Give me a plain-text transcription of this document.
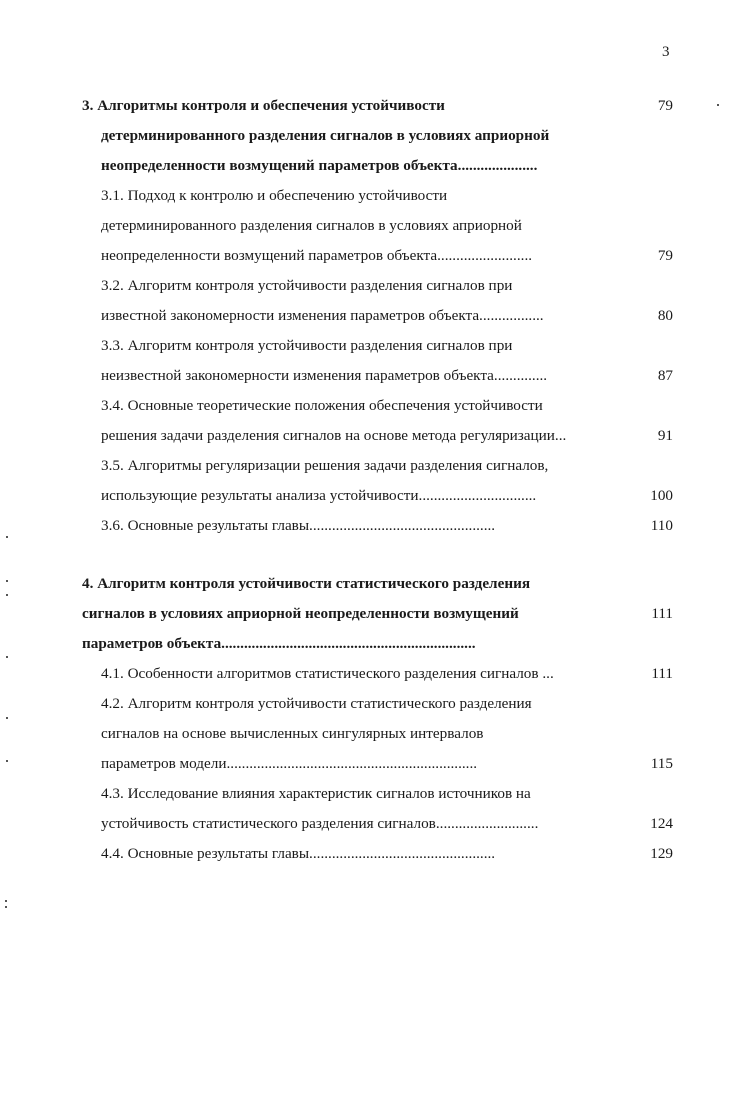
3
3. Алгоритмы контроля и обеспечения устойчивости	79
детерминированного разделения сигналов в условиях априорной
неопределенности возмущений параметров объекта.....................
3.1. Подход к контролю и обеспечению устойчивости
детерминированного разделения сигналов в условиях априорной
неопределенности возмущений параметров объекта.........................	79
3.2. Алгоритм контроля устойчивости разделения сигналов при
известной закономерности изменения параметров объекта.................	80
3.3. Алгоритм контроля устойчивости разделения сигналов при
неизвестной закономерности изменения параметров объекта..............	87
3.4. Основные теоретические положения обеспечения устойчивости
решения задачи разделения сигналов на основе метода регуляризации...	91
3.5. Алгоритмы регуляризации решения задачи разделения сигналов,
использующие результаты анализа устойчивости...............................	100
3.6. Основные результаты главы.................................................	110
4. Алгоритм контроля устойчивости статистического разделения
сигналов в условиях априорной неопределенности возмущений	111
параметров объекта...................................................................
4.1. Особенности алгоритмов статистического разделения сигналов ...	111
4.2. Алгоритм контроля устойчивости статистического разделения
сигналов на основе вычисленных сингулярных интервалов
параметров модели..................................................................	115
4.3. Исследование влияния характеристик сигналов источников на
устойчивость статистического разделения сигналов...........................	124
4.4. Основные результаты главы.................................................	129
